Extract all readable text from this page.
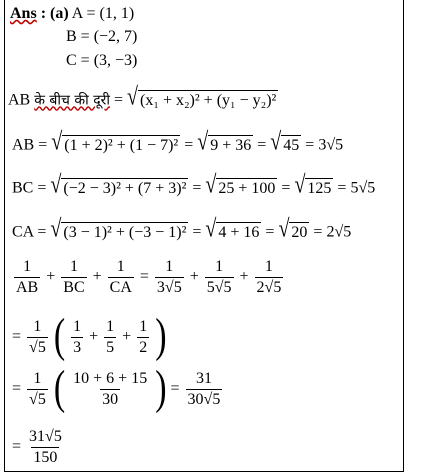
Ans : (a) A = (1, 1)
B = (−2, 7)
C = (3, −3)
AB के बीच की दूरी = √ (x₁ + x₂)² + (y₁ − y₂)²
AB = √ (1 + 2)² + (1 − 7)² = √ 9 + 36 = √ 45 = 3√5
BC = √ (−2 − 3)² + (7 + 3)² = √ 25 + 100 = √ 125 = 5√5
CA = √ (3 − 1)² + (−3 − 1)² = √ 4 + 16 = √ 20 = 2√5
$\frac{1}{AB} + \frac{1}{BC} + \frac{1}{CA} = \frac{1}{3√5} + \frac{1}{5√5} + \frac{1}{2√5}$
= $\frac{1}{√5}$ ( $\frac{1}{3} + \frac{1}{5} + \frac{1}{2}$ )
= $\frac{1}{√5}$ ( $\frac{10 + 6 + 15}{30}$ ) = $\frac{31}{30√5}$
= $\frac{31√5}{150}$
